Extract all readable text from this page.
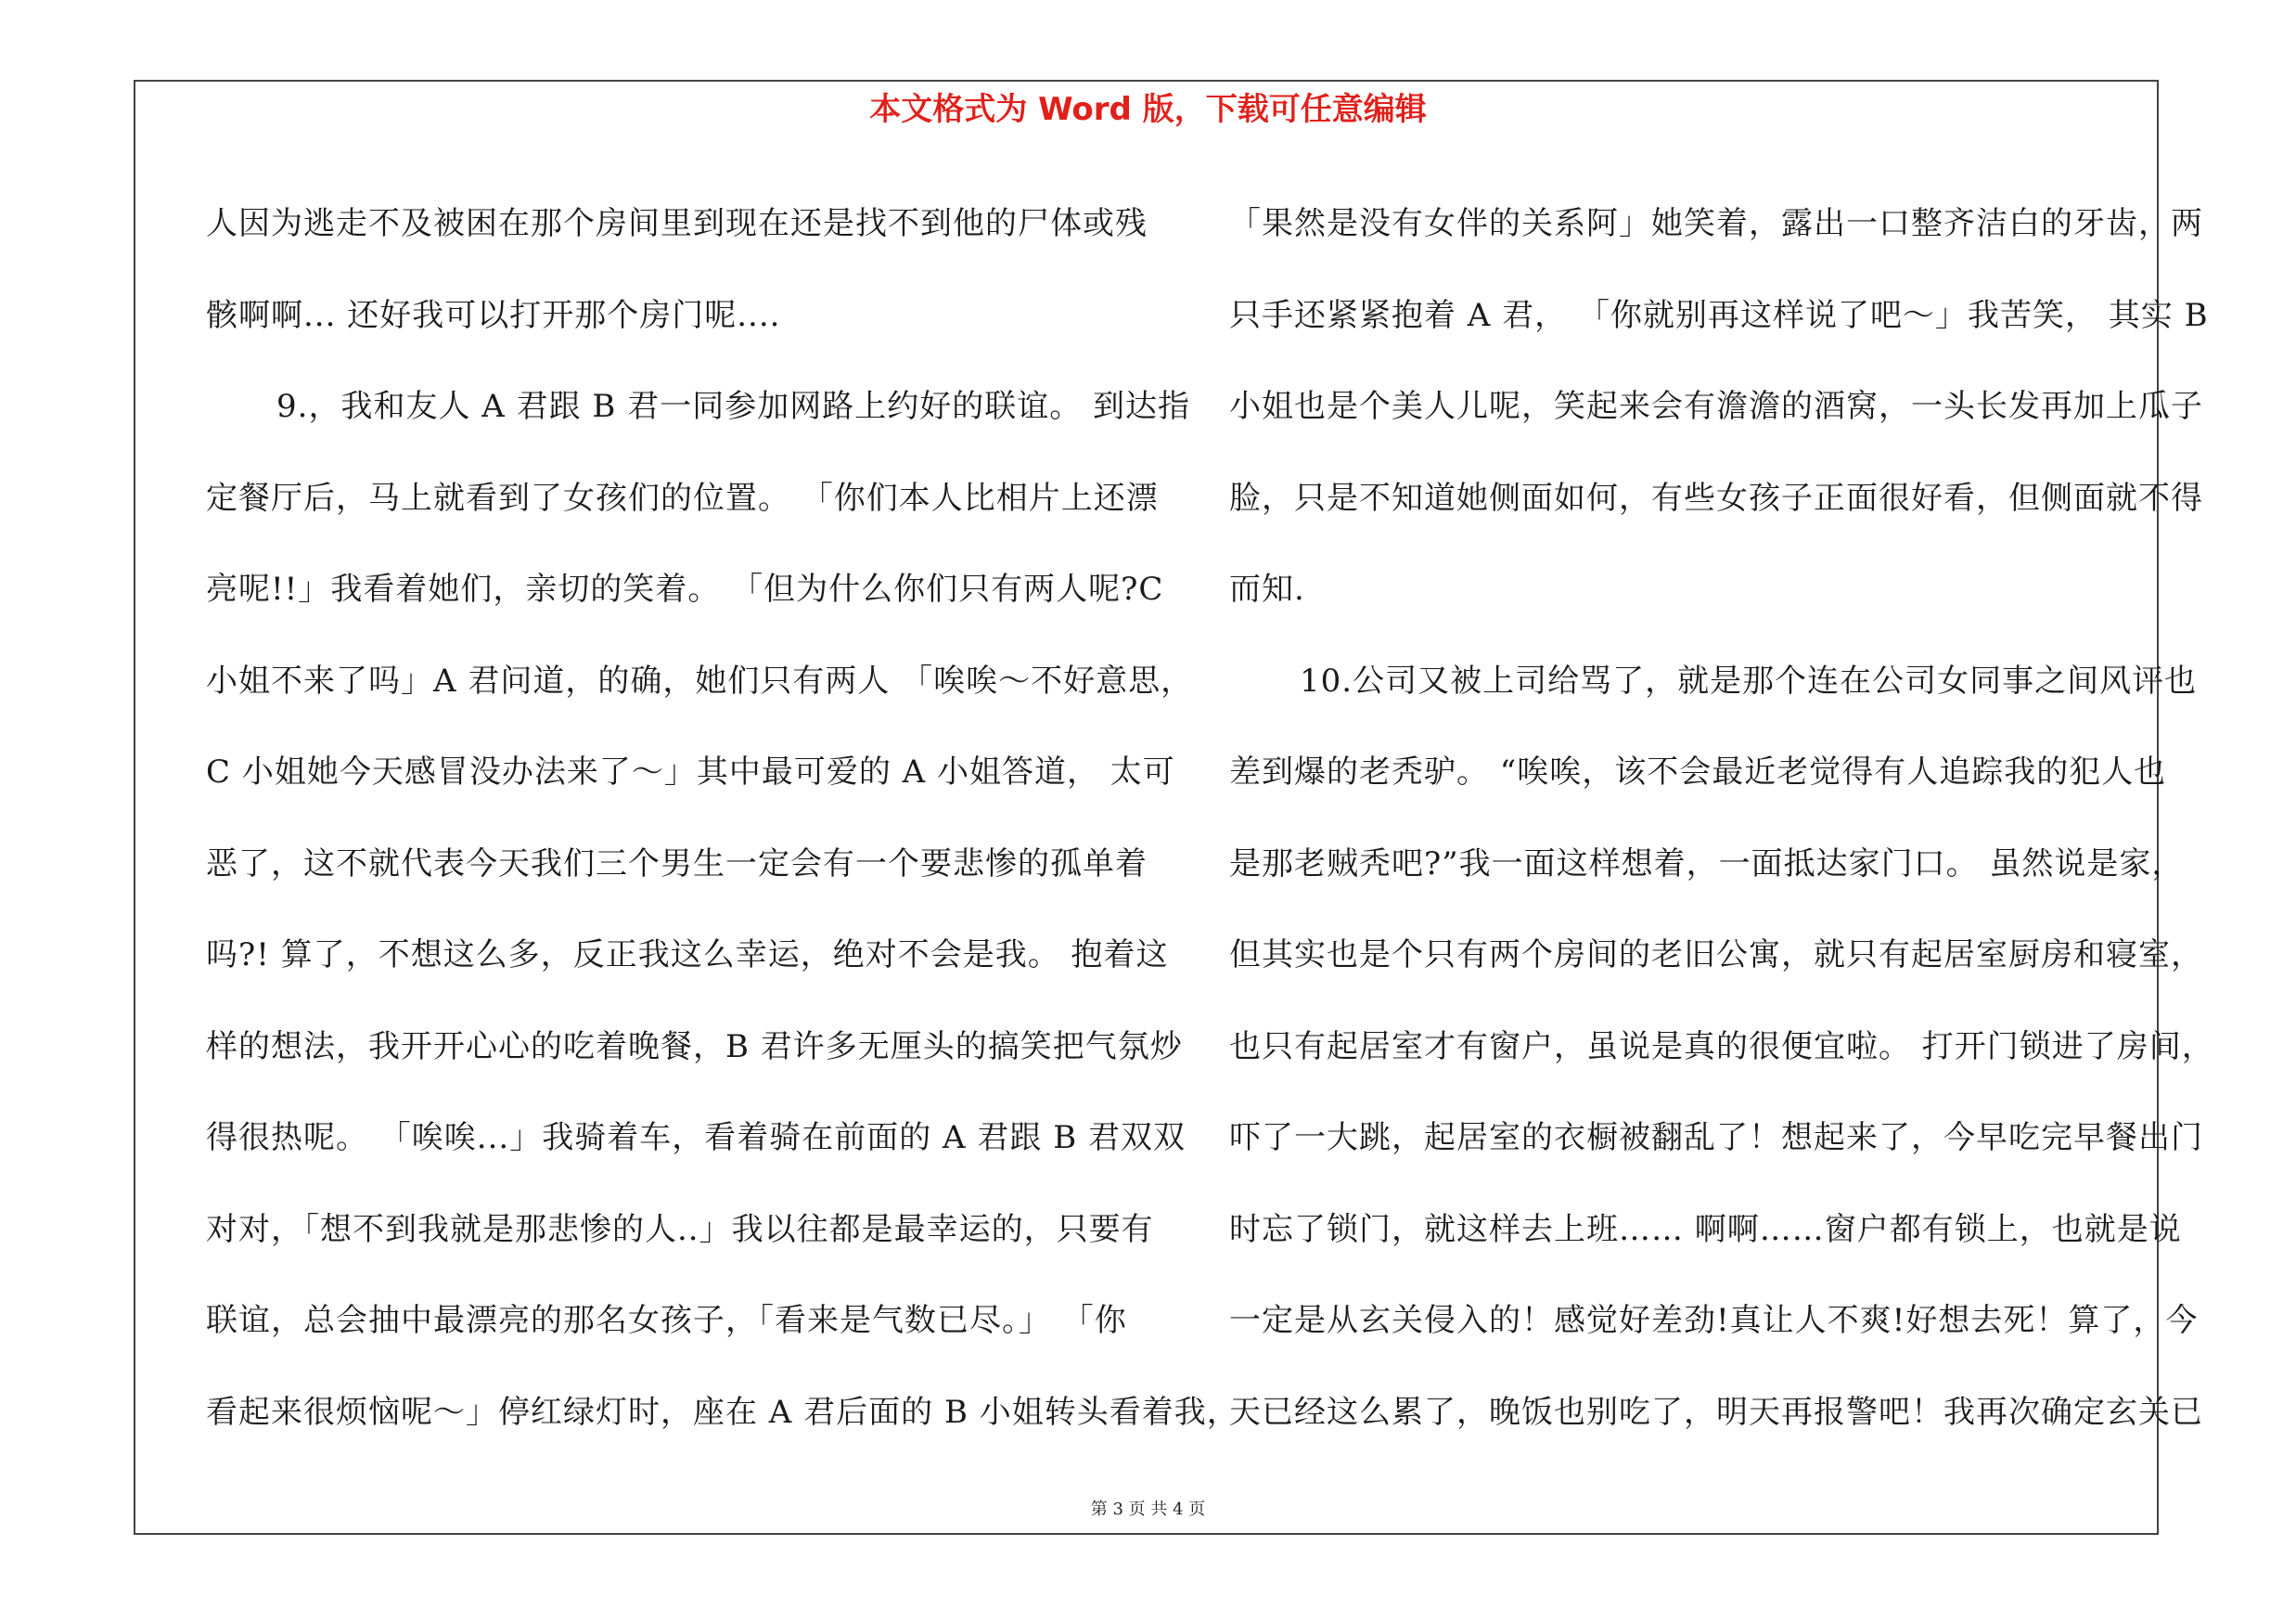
本文格式为 Word 版，下载可任意编辑
人因为逃走不及被困在那个房间里到现在还是找不到他的尸体或残
骸啊啊... 还好我可以打开那个房门呢....
9.，我和友人 A 君跟 B 君一同参加网路上约好的联谊。 到达指
定餐厅后，马上就看到了女孩们的位置。 「你们本人比相片上还漂
亮呢!!」我看着她们，亲切的笑着。 「但为什么你们只有两人呢?C
小姐不来了吗」A 君问道，的确，她们只有两人 「唉唉～不好意思，
C 小姐她今天感冒没办法来了～」其中最可爱的 A 小姐答道， 太可
恶了，这不就代表今天我们三个男生一定会有一个要悲惨的孤单着
吗?! 算了，不想这么多，反正我这么幸运，绝对不会是我。 抱着这
样的想法，我开开心心的吃着晚餐，B 君许多无厘头的搞笑把气氛炒
得很热呢。 「唉唉...」我骑着车，看着骑在前面的 A 君跟 B 君双双
对对，「想不到我就是那悲惨的人..」我以往都是最幸运的，只要有
联谊，总会抽中最漂亮的那名女孩子，「看来是气数已尽。」 「你
看起来很烦恼呢～」停红绿灯时，座在 A 君后面的 B 小姐转头看着我，
「果然是没有女伴的关系阿」她笑着，露出一口整齐洁白的牙齿，两
只手还紧紧抱着 A 君， 「你就别再这样说了吧～」我苦笑， 其实 B
小姐也是个美人儿呢，笑起来会有澹澹的酒窝，一头长发再加上瓜子
脸，只是不知道她侧面如何，有些女孩子正面很好看，但侧面就不得
而知.
10.公司又被上司给骂了，就是那个连在公司女同事之间风评也
差到爆的老秃驴。 “唉唉，该不会最近老觉得有人追踪我的犯人也
是那老贼秃吧?”我一面这样想着，一面抵达家门口。 虽然说是家，
但其实也是个只有两个房间的老旧公寓，就只有起居室厨房和寝室，
也只有起居室才有窗户，虽说是真的很便宜啦。 打开门锁进了房间，
吓了一大跳，起居室的衣橱被翻乱了！想起来了，今早吃完早餐出门
时忘了锁门，就这样去上班…… 啊啊……窗户都有锁上，也就是说
一定是从玄关侵入的！感觉好差劲!真让人不爽!好想去死！算了，今
天已经这么累了，晚饭也别吃了，明天再报警吧！我再次确定玄关已
第 3 页 共 4 页
